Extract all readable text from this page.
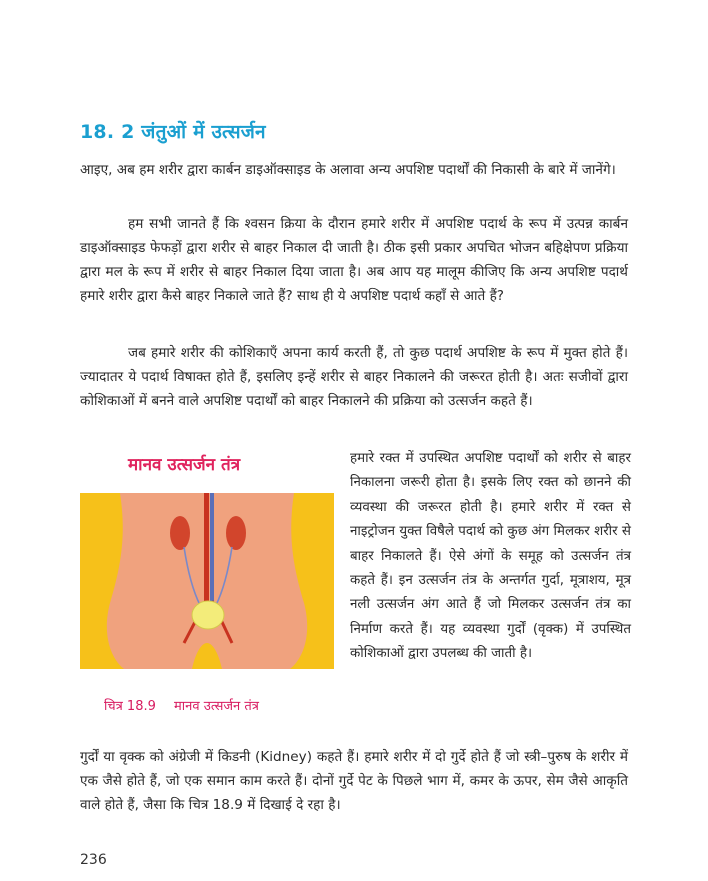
18. 2 जंतुओं में उत्सर्जन

आइए, अब हम शरीर द्वारा कार्बन डाइऑक्साइड के अलावा अन्य अपशिष्ट पदार्थों की निकासी के बारे में जानेंगे।

हम सभी जानते हैं कि श्वसन क्रिया के दौरान हमारे शरीर में अपशिष्ट पदार्थ के रूप में उत्पन्न कार्बन डाइऑक्साइड फेफड़ों द्वारा शरीर से बाहर निकाल दी जाती है। ठीक इसी प्रकार अपचित भोजन बहिक्षेपण प्रक्रिया द्वारा मल के रूप में शरीर से बाहर निकाल दिया जाता है। अब आप यह मालूम कीजिए कि अन्य अपशिष्ट पदार्थ हमारे शरीर द्वारा कैसे बाहर निकाले जाते हैं? साथ ही ये अपशिष्ट पदार्थ कहाँ से आते हैं?

जब हमारे शरीर की कोशिकाएँ अपना कार्य करती हैं, तो कुछ पदार्थ अपशिष्ट के रूप में मुक्त होते हैं। ज्यादातर ये पदार्थ विषाक्त होते हैं, इसलिए इन्हें शरीर से बाहर निकालने की जरूरत होती है। अतः सजीवों द्वारा कोशिकाओं में बनने वाले अपशिष्ट पदार्थों को बाहर निकालने की प्रक्रिया को उत्सर्जन कहते हैं।

मानव उत्सर्जन तंत्र
चित्र 18.9 मानव उत्सर्जन तंत्र

हमारे रक्त में उपस्थित अपशिष्ट पदार्थों को शरीर से बाहर निकालना जरूरी होता है। इसके लिए रक्त को छानने की व्यवस्था की जरूरत होती है। हमारे शरीर में रक्त से नाइट्रोजन युक्त विषैले पदार्थ को कुछ अंग मिलकर शरीर से बाहर निकालते हैं। ऐसे अंगों के समूह को उत्सर्जन तंत्र कहते हैं। इन उत्सर्जन तंत्र के अन्तर्गत गुर्दा, मूत्राशय, मूत्र नली उत्सर्जन अंग आते हैं जो मिलकर उत्सर्जन तंत्र का निर्माण करते हैं। यह व्यवस्था गुर्दों (वृक्क) में उपस्थित कोशिकाओं द्वारा उपलब्ध की जाती है।

गुर्दों या वृक्क को अंग्रेजी में किडनी (Kidney) कहते हैं। हमारे शरीर में दो गुर्दे होते हैं जो स्त्री–पुरुष के शरीर में एक जैसे होते हैं, जो एक समान काम करते हैं। दोनों गुर्दे पेट के पिछले भाग में, कमर के ऊपर, सेम जैसे आकृति वाले होते हैं, जैसा कि चित्र 18.9 में दिखाई दे रहा है।

236
